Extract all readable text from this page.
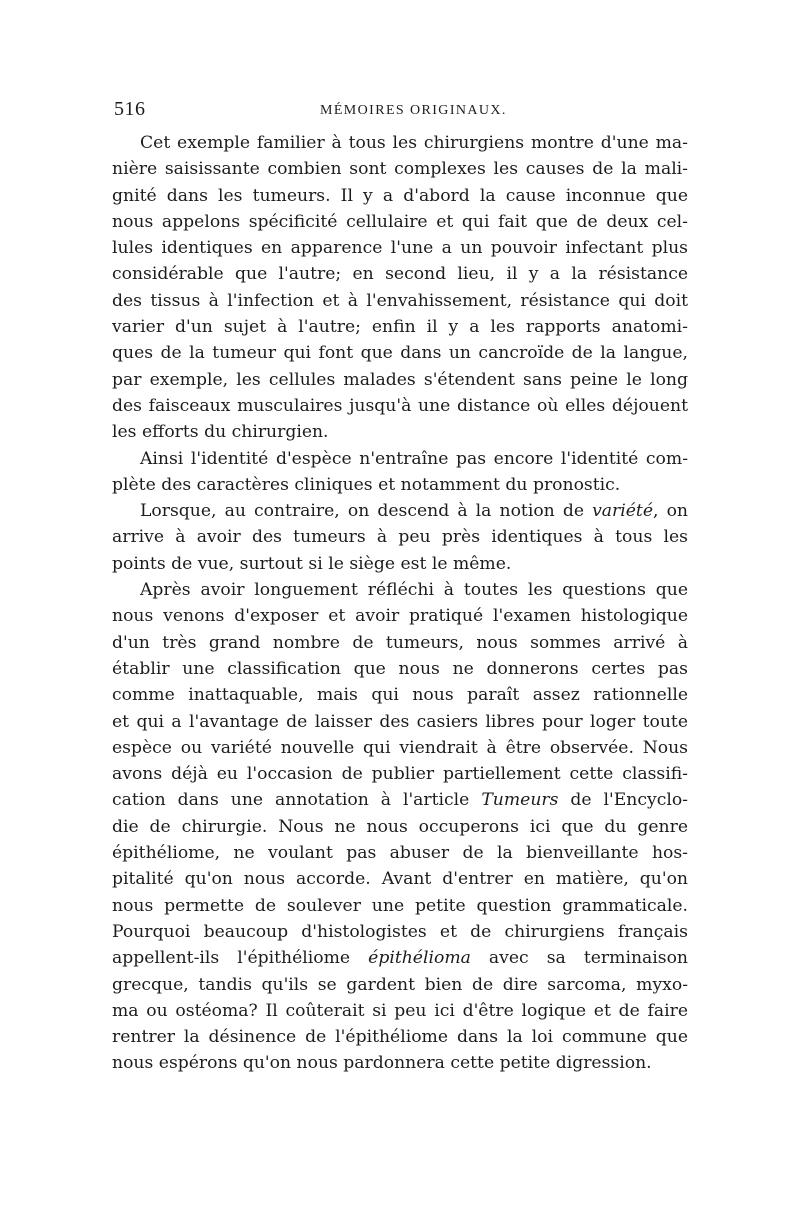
516	MÉMOIRES ORIGINAUX.
Cet exemple familier à tous les chirurgiens montre d'une ma-
nière saisissante combien sont complexes les causes de la mali-
gnité dans les tumeurs. Il y a d'abord la cause inconnue que
nous appelons spécificité cellulaire et qui fait que de deux cel-
lules identiques en apparence l'une a un pouvoir infectant plus
considérable que l'autre; en second lieu, il y a la résistance
des tissus à l'infection et à l'envahissement, résistance qui doit
varier d'un sujet à l'autre; enfin il y a les rapports anatomi-
ques de la tumeur qui font que dans un cancroïde de la langue,
par exemple, les cellules malades s'étendent sans peine le long
des faisceaux musculaires jusqu'à une distance où elles déjouent
les efforts du chirurgien.
Ainsi l'identité d'espèce n'entraîne pas encore l'identité com-
plète des caractères cliniques et notamment du pronostic.
Lorsque, au contraire, on descend à la notion de variété, on
arrive à avoir des tumeurs à peu près identiques à tous les
points de vue, surtout si le siège est le même.
Après avoir longuement réfléchi à toutes les questions que
nous venons d'exposer et avoir pratiqué l'examen histologique
d'un très grand nombre de tumeurs, nous sommes arrivé à
établir une classification que nous ne donnerons certes pas
comme inattaquable, mais qui nous paraît assez rationnelle
et qui a l'avantage de laisser des casiers libres pour loger toute
espèce ou variété nouvelle qui viendrait à être observée. Nous
avons déjà eu l'occasion de publier partiellement cette classifi-
cation dans une annotation à l'article Tumeurs de l'Encyclo-
die de chirurgie. Nous ne nous occuperons ici que du genre
épithéliome, ne voulant pas abuser de la bienveillante hos-
pitalité qu'on nous accorde. Avant d'entrer en matière, qu'on
nous permette de soulever une petite question grammaticale.
Pourquoi beaucoup d'histologistes et de chirurgiens français
appellent-ils l'épithéliome épithélioma avec sa terminaison
grecque, tandis qu'ils se gardent bien de dire sarcoma, myxo-
ma ou ostéoma? Il coûterait si peu ici d'être logique et de faire
rentrer la désinence de l'épithéliome dans la loi commune que
nous espérons qu'on nous pardonnera cette petite digression.
